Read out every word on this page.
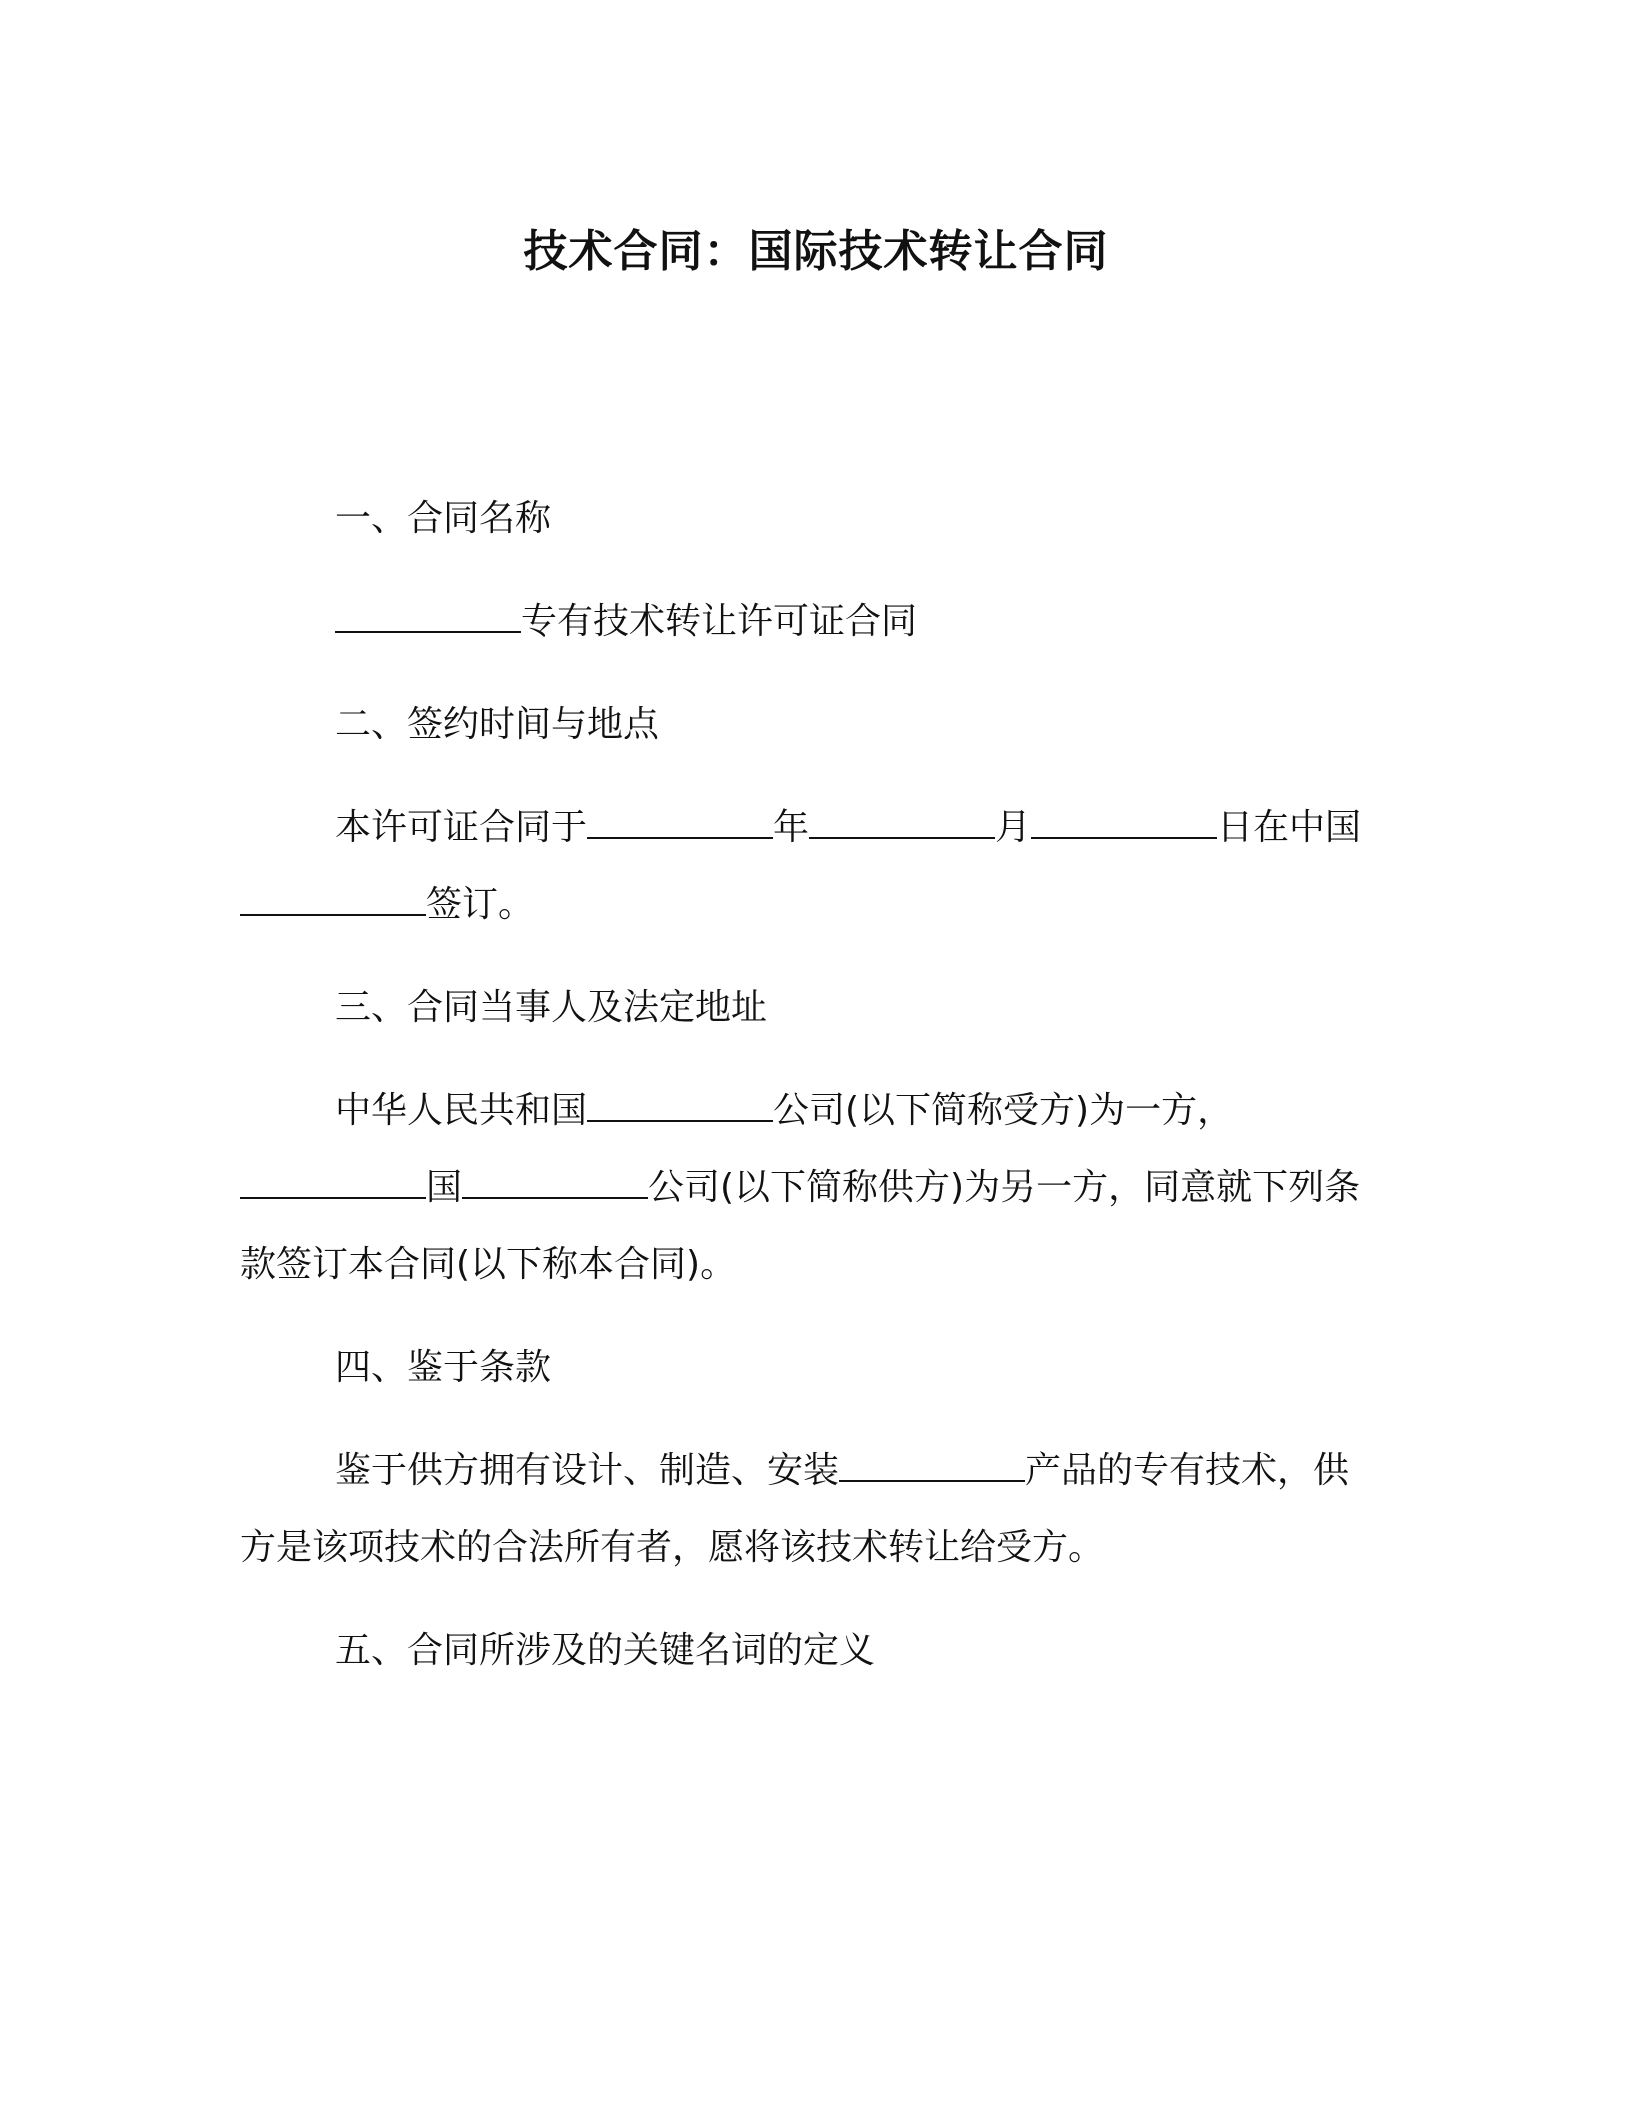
技术合同：国际技术转让合同
一、合同名称
专有技术转让许可证合同
二、签约时间与地点
本许可证合同于	年	月	日在中国
签订。
三、合同当事人及法定地址
中华人民共和国	公司(以下简称受方)为一方，
国	公司(以下简称供方)为另一方，同意就下列条
款签订本合同(以下称本合同)。
四、鉴于条款
鉴于供方拥有设计、制造、安装	产品的专有技术，供
方是该项技术的合法所有者，愿将该技术转让给受方。
五、合同所涉及的关键名词的定义
